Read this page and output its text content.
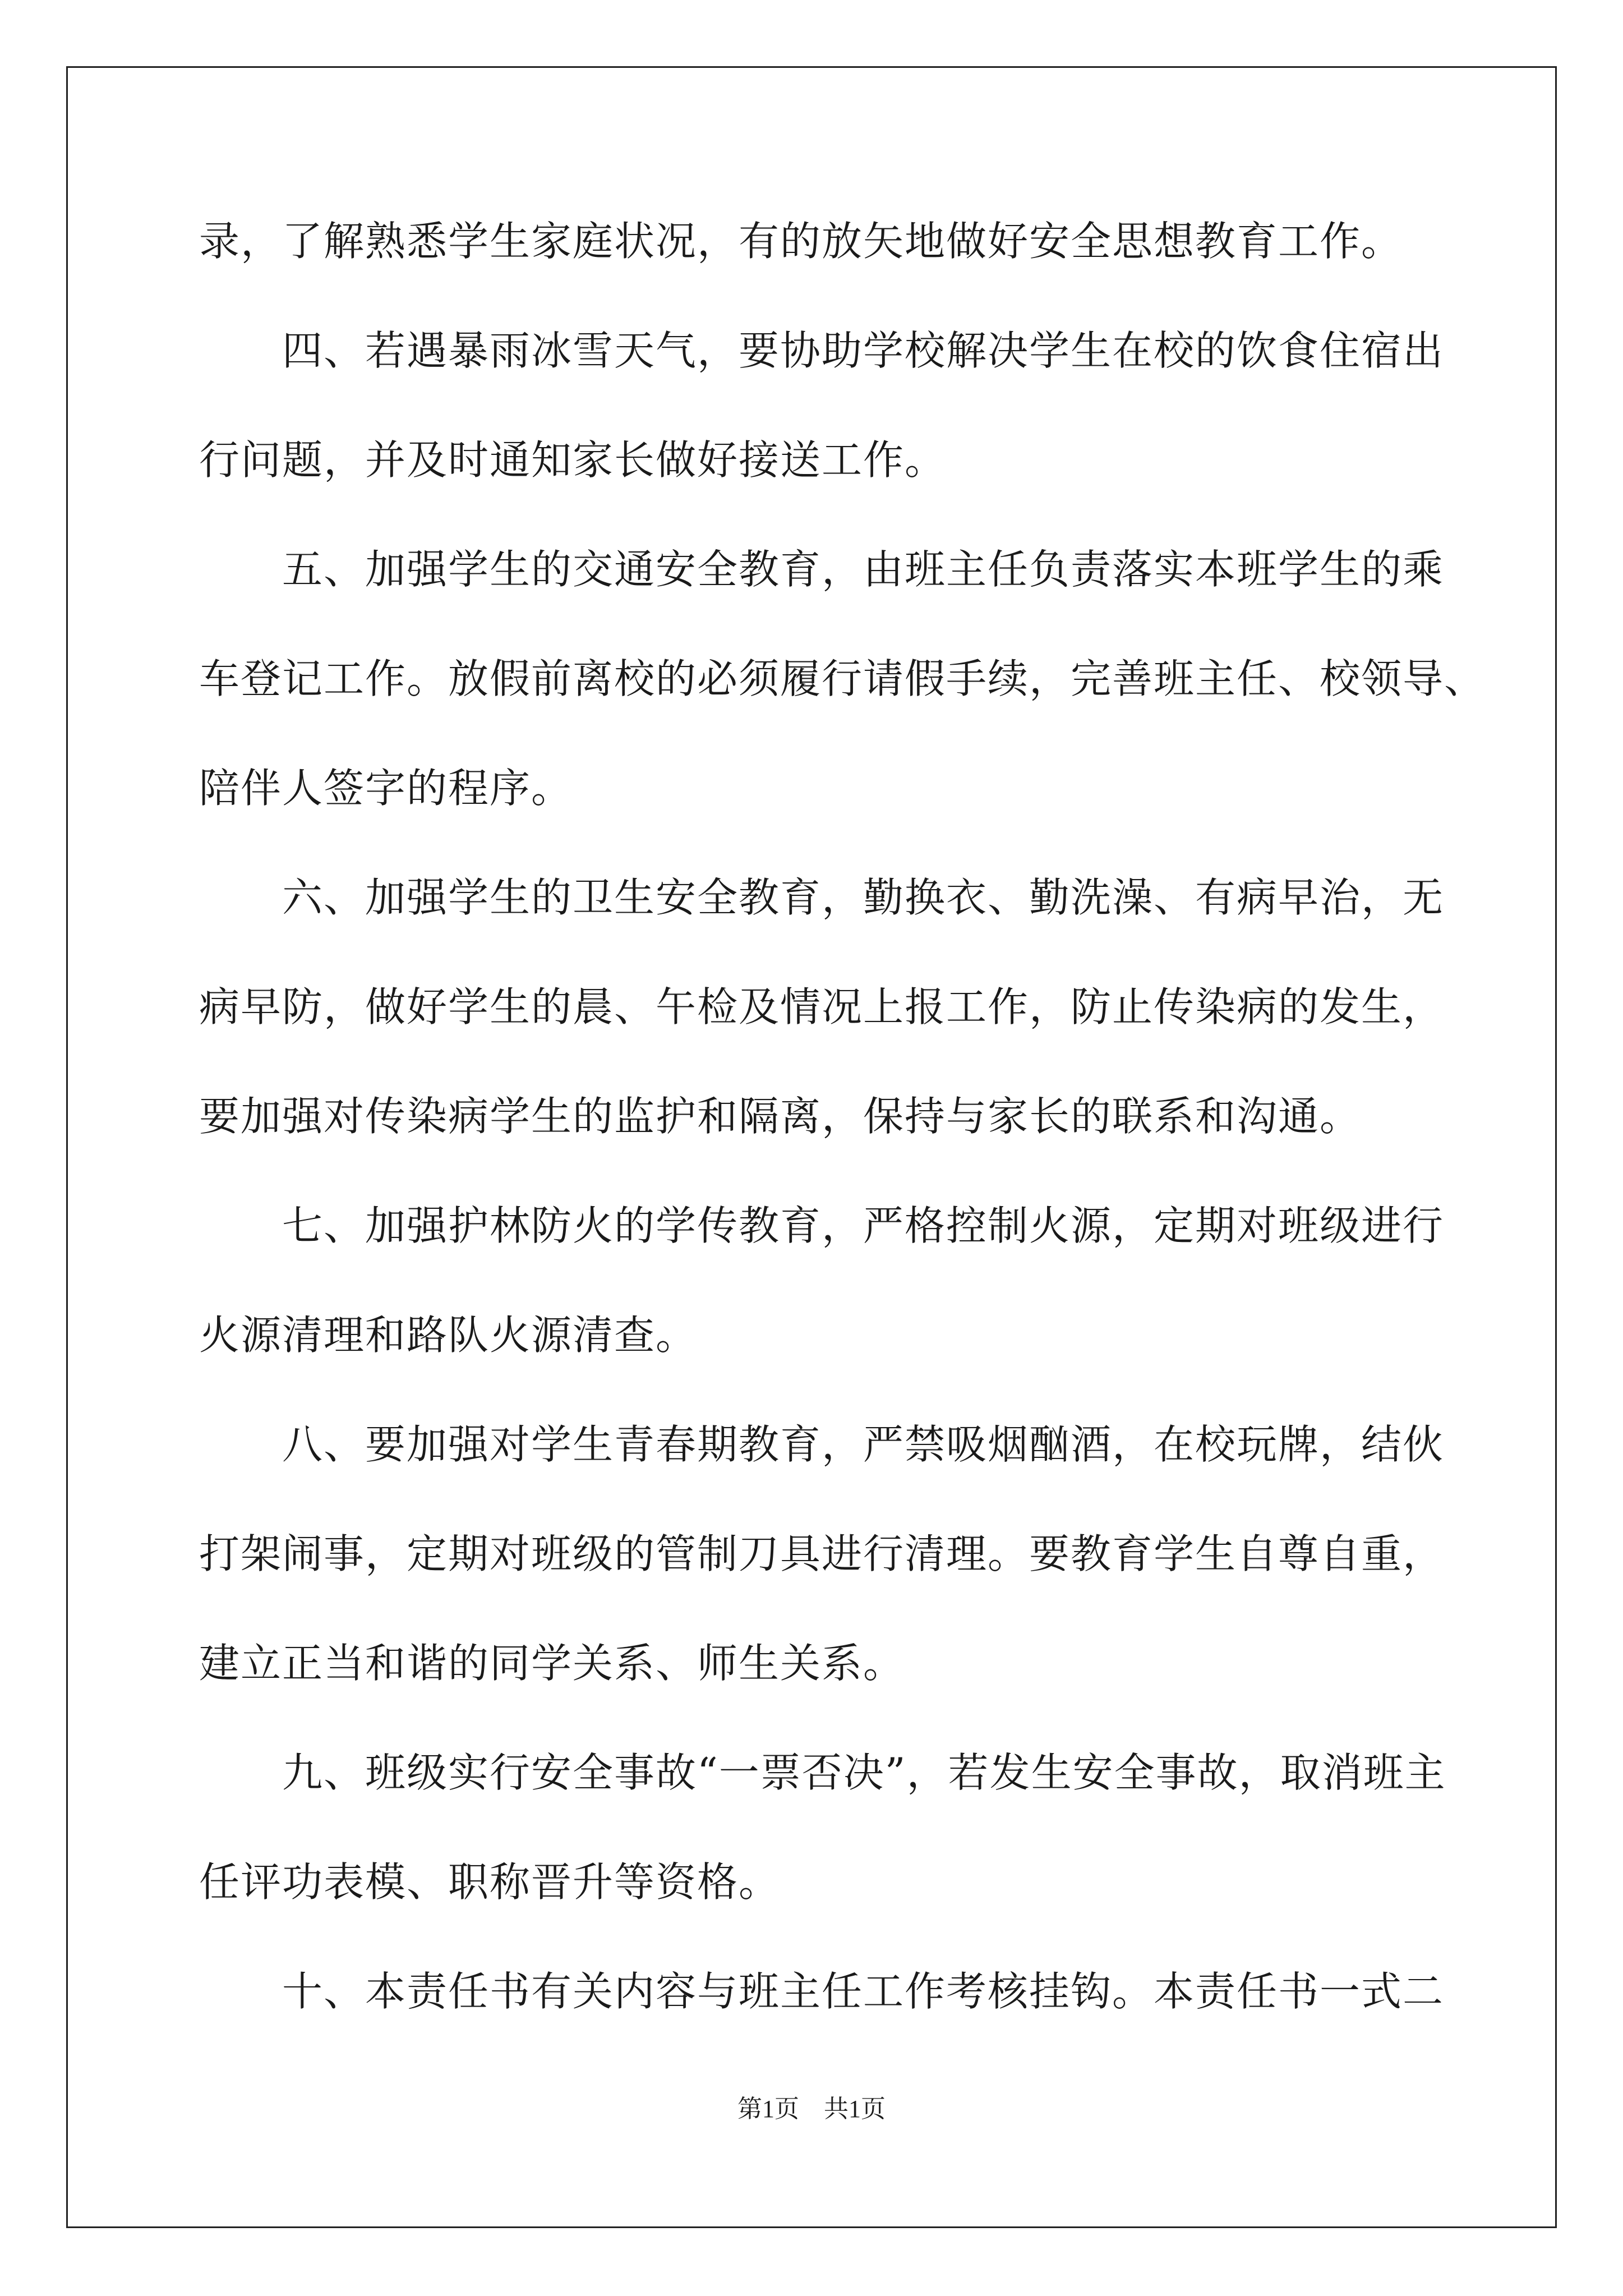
录，了解熟悉学生家庭状况，有的放矢地做好安全思想教育工作。
　　四、若遇暴雨冰雪天气，要协助学校解决学生在校的饮食住宿出
行问题，并及时通知家长做好接送工作。
　　五、加强学生的交通安全教育，由班主任负责落实本班学生的乘
车登记工作。放假前离校的必须履行请假手续，完善班主任、校领导、
陪伴人签字的程序。
　　六、加强学生的卫生安全教育，勤换衣、勤洗澡、有病早治，无
病早防，做好学生的晨、午检及情况上报工作，防止传染病的发生，
要加强对传染病学生的监护和隔离，保持与家长的联系和沟通。
　　七、加强护林防火的学传教育，严格控制火源，定期对班级进行
火源清理和路队火源清查。
　　八、要加强对学生青春期教育，严禁吸烟酗酒，在校玩牌，结伙
打架闹事，定期对班级的管制刀具进行清理。要教育学生自尊自重，
建立正当和谐的同学关系、师生关系。
　　九、班级实行安全事故“一票否决”，若发生安全事故，取消班主
任评功表模、职称晋升等资格。
　　十、本责任书有关内容与班主任工作考核挂钩。本责任书一式二
第1页　共1页
